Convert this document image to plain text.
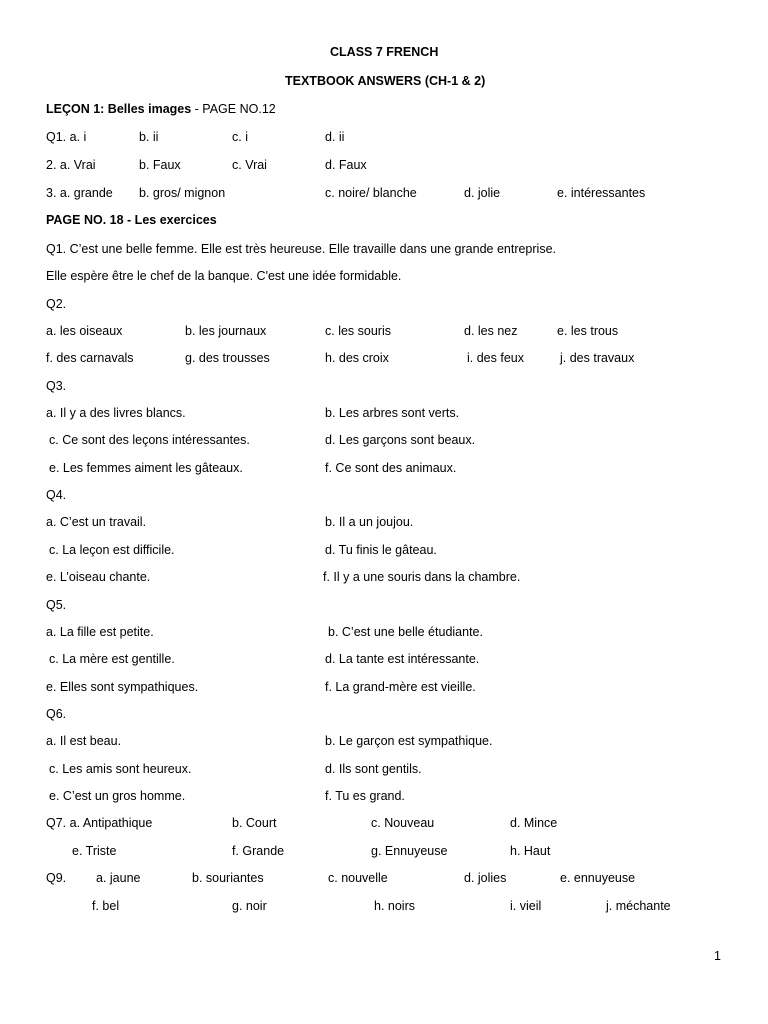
CLASS 7 FRENCH
TEXTBOOK ANSWERS (CH-1 & 2)
LEÇON 1: Belles images - PAGE NO.12
Q1. a. i	b. ii	c. i	d. ii
2. a. Vrai	b. Faux	c. Vrai	d. Faux
3. a. grande b. gros/ mignon	c. noire/ blanche	d. jolie	e. intéressantes
PAGE NO. 18 - Les exercices
Q1. C’est une belle femme. Elle est très heureuse. Elle travaille dans une grande entreprise.
Elle espère être le chef de la banque. C'est une idée formidable.
Q2.
a. les oiseaux	b. les journaux	c. les souris	d. les nez	e. les trous
f. des carnavals	g. des trousses	h. des croix	i. des feux	j. des travaux
Q3.
a. Il y a des livres blancs.	b. Les arbres sont verts.
c. Ce sont des leçons intéressantes.	d. Les garçons sont beaux.
e. Les femmes aiment les gâteaux.	f. Ce sont des animaux.
Q4.
a. C’est un travail.	b. Il a un joujou.
c. La leçon est difficile.	d. Tu finis le gâteau.
e. L’oiseau chante.	f. Il y a une souris dans la chambre.
Q5.
a. La fille est petite.	b. C’est une belle étudiante.
c. La mère est gentille.	d. La tante est intéressante.
e. Elles sont sympathiques.	f. La grand-mère est vieille.
Q6.
a. Il est beau.	b. Le garçon est sympathique.
c. Les amis sont heureux.	d. Ils sont gentils.
e. C’est un gros homme.	f. Tu es grand.
Q7. a. Antipathique	b. Court	c. Nouveau	d. Mince
e. Triste	f. Grande	g. Ennuyeuse	h. Haut
Q9. a. jaune	b. souriantes	c. nouvelle	d. jolies	e. ennuyeuse
f. bel	g. noir	h. noirs	i. vieil	j. méchante
1
